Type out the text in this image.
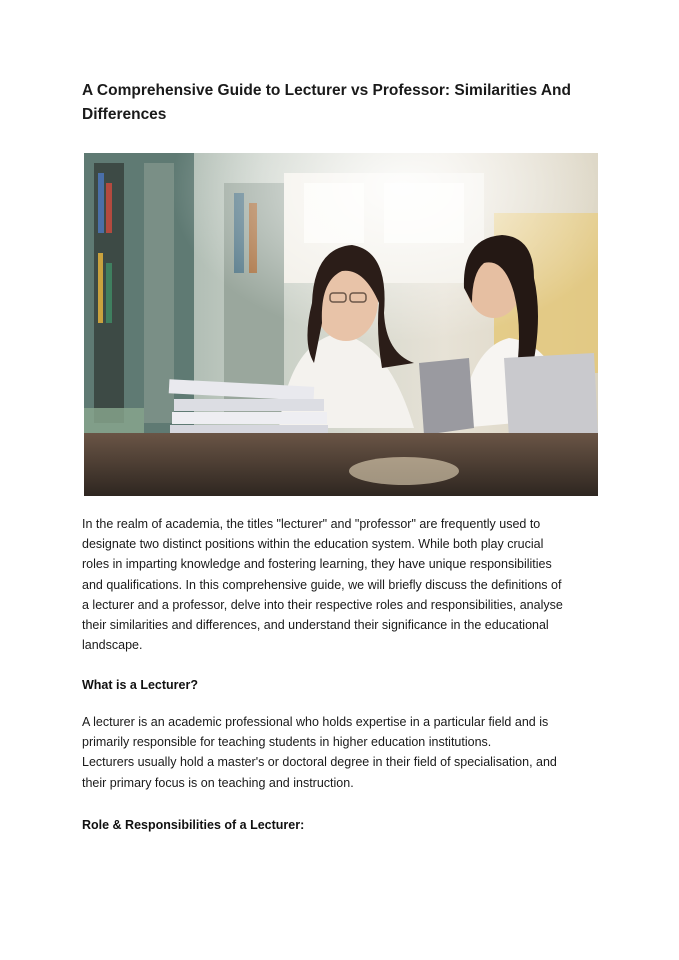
A Comprehensive Guide to Lecturer vs Professor: Similarities And
Differences
In the realm of academia, the titles "lecturer" and "professor" are frequently used to
designate two distinct positions within the education system. While both play crucial
roles in imparting knowledge and fostering learning, they have unique responsibilities
and qualifications. In this comprehensive guide, we will briefly discuss the definitions of
a lecturer and a professor, delve into their respective roles and responsibilities, analyse
their similarities and differences, and understand their significance in the educational
landscape.
What is a Lecturer?
A lecturer is an academic professional who holds expertise in a particular field and is
primarily responsible for teaching students in higher education institutions.
Lecturers usually hold a master's or doctoral degree in their field of specialisation, and
their primary focus is on teaching and instruction.
Role & Responsibilities of a Lecturer:
